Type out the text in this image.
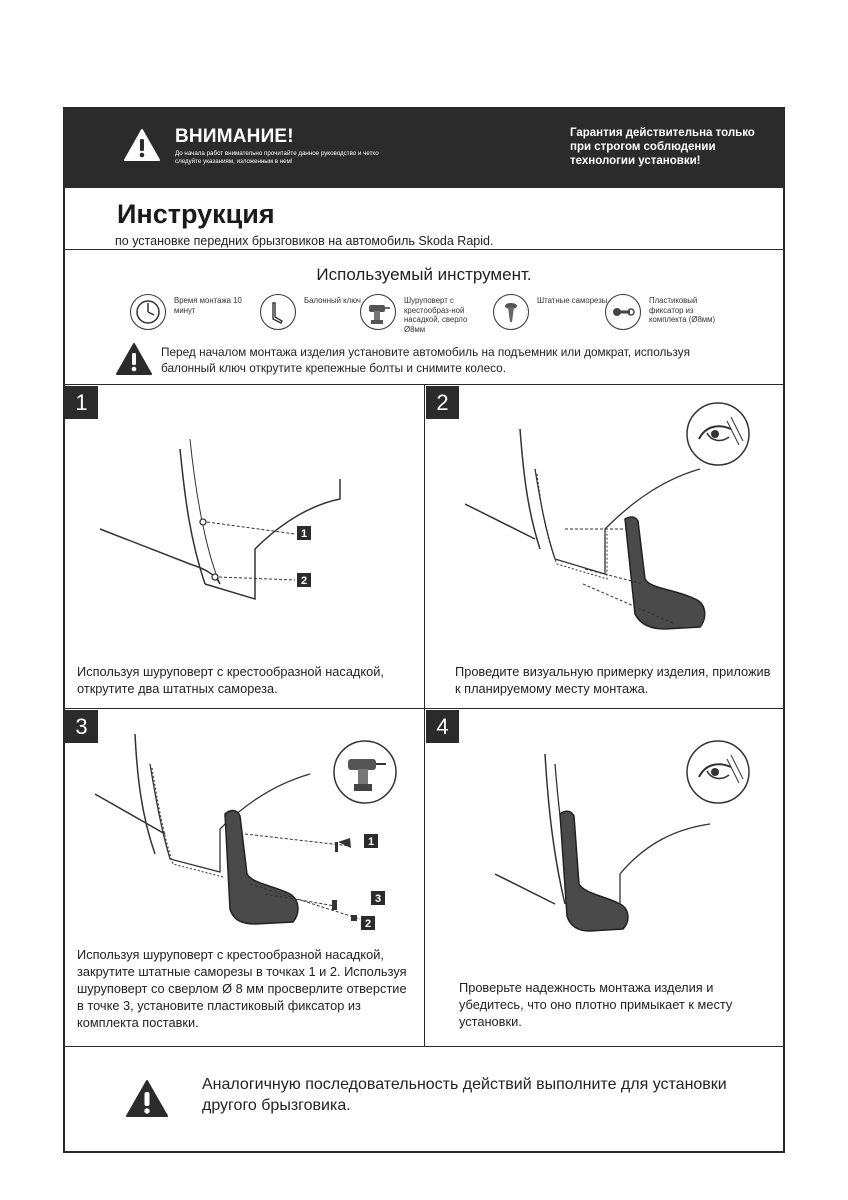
ВНИМАНИЕ!
До начала работ внимательно прочитайте данное руководство и четко следуйте указаниям, изложенным в нем!
Гарантия действительна только при строгом соблюдении технологии установки!
Инструкция
по установке передних брызговиков на автомобиль Skoda Rapid.
Используемый инструмент.
Время монтажа 10 минут
Балонный ключ	Шуруповерт с крестообраз-ной насадкой, сверло Ø8мм
Штатные саморезы	Пластиковый фиксатор из комплекта (Ø8мм)
Перед началом монтажа изделия установите автомобиль на подъемник или домкрат, используя балонный ключ открутите крепежные болты и снимите колесо.
1
1
2
Используя шуруповерт с крестообразной насадкой, открутите два штатных самореза.
2
Проведите визуальную примерку изделия, приложив к планируемому месту монтажа.
3
1
3
2
Используя шуруповерт с крестообразной насадкой, закрутите штатные саморезы в точках 1 и 2. Используя шуруповерт со сверлом Ø 8 мм просверлите отверстие в точке 3, установите пластиковый фиксатор из комплекта поставки.
4
Проверьте надежность монтажа изделия и убедитесь, что оно плотно примыкает к месту установки.
Аналогичную последовательность действий выполните для установки другого брызговика.
